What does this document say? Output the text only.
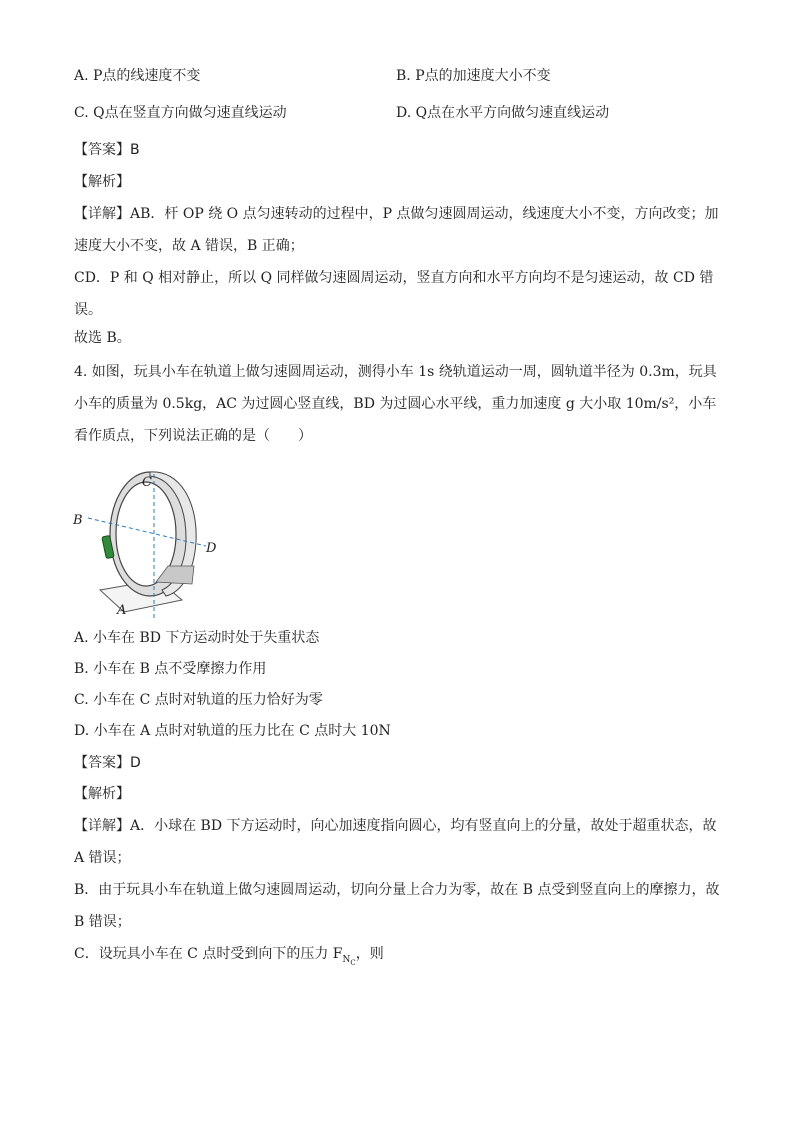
A. P点的线速度不变	B. P点的加速度大小不变
C. Q点在竖直方向做匀速直线运动	D. Q点在水平方向做匀速直线运动
【答案】B
【解析】
【详解】AB．杆 OP 绕 O 点匀速转动的过程中，P 点做匀速圆周运动，线速度大小不变，方向改变；加速度大小不变，故 A 错误，B 正确；
CD．P 和 Q 相对静止，所以 Q 同样做匀速圆周运动，竖直方向和水平方向均不是匀速运动，故 CD 错误。
故选 B。
4. 如图，玩具小车在轨道上做匀速圆周运动，测得小车 1s 绕轨道运动一周，圆轨道半径为 0.3m，玩具小车的质量为 0.5kg，AC 为过圆心竖直线，BD 为过圆心水平线，重力加速度 g 大小取 10m/s²，小车看作质点，下列说法正确的是（　　）
C
B
D
A
A. 小车在 BD 下方运动时处于失重状态
B. 小车在 B 点不受摩擦力作用
C. 小车在 C 点时对轨道的压力恰好为零
D. 小车在 A 点时对轨道的压力比在 C 点时大 10N
【答案】D
【解析】
【详解】A．小球在 BD 下方运动时，向心加速度指向圆心，均有竖直向上的分量，故处于超重状态，故 A 错误；
B．由于玩具小车在轨道上做匀速圆周运动，切向分量上合力为零，故在 B 点受到竖直向上的摩擦力，故 B 错误；
C．设玩具小车在 C 点时受到向下的压力 $F_{N_C}$，则
